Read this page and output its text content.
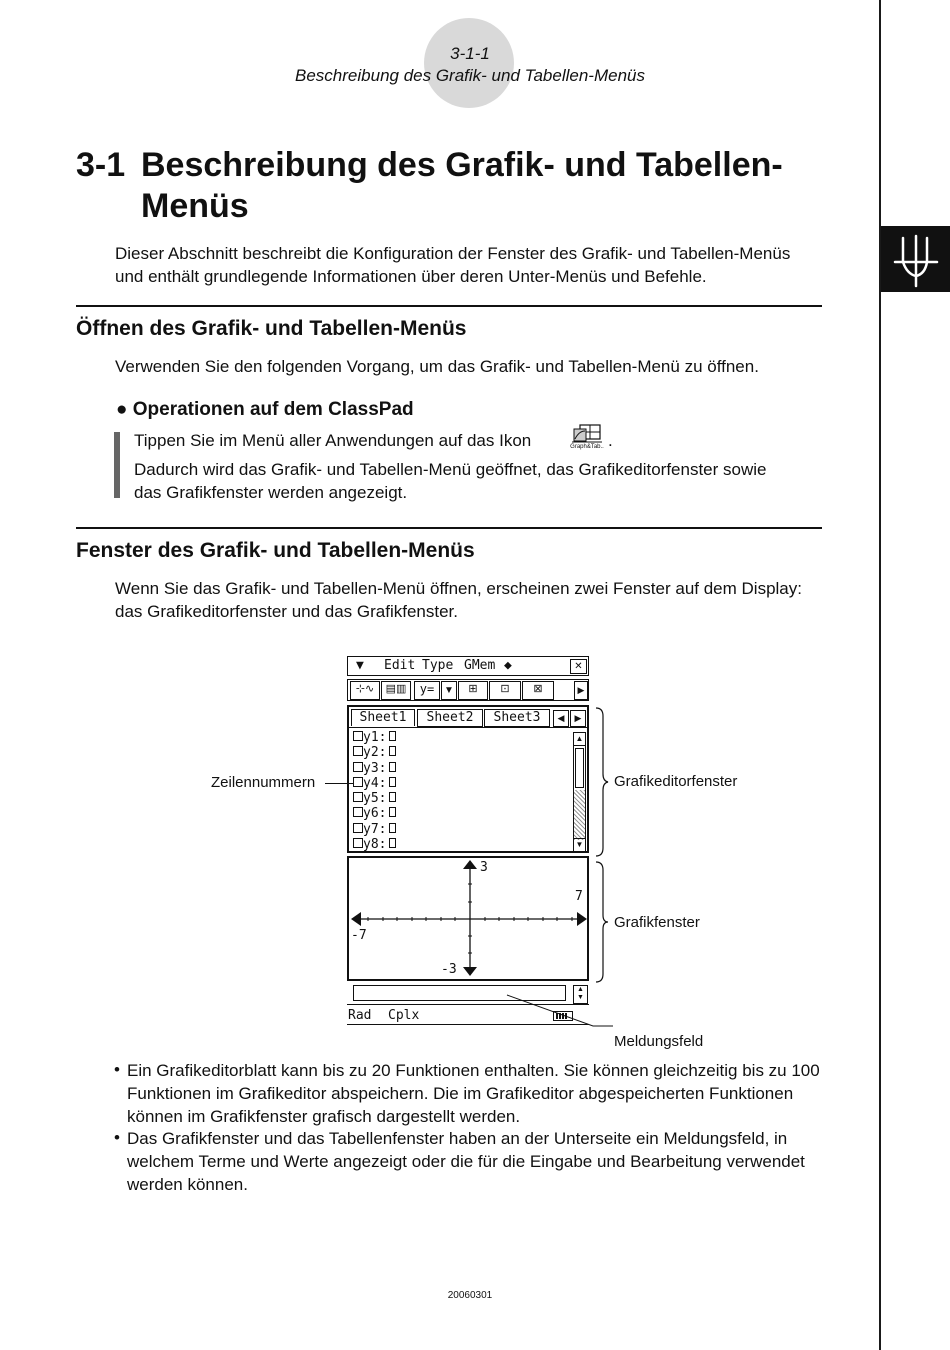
3-1-1
Beschreibung des Grafik- und Tabellen-Menüs
3-1 Beschreibung des Grafik- und Tabellen-
Menüs
Dieser Abschnitt beschreibt die Konfiguration der Fenster des Grafik- und Tabellen-Menüs
und enthält grundlegende Informationen über deren Unter-Menüs und Befehle.
Öffnen des Grafik- und Tabellen-Menüs
Verwenden Sie den folgenden Vorgang, um das Grafik- und Tabellen-Menü zu öffnen.
● Operationen auf dem ClassPad
Tippen Sie im Menü aller Anwendungen auf das Ikon	Graph&Tab.. .
Dadurch wird das Grafik- und Tabellen-Menü geöffnet, das Grafikeditorfenster sowie
das Grafikfenster werden angezeigt.
Fenster des Grafik- und Tabellen-Menüs
Wenn Sie das Grafik- und Tabellen-Menü öffnen, erscheinen zwei Fenster auf dem Display:
das Grafikeditorfenster und das Grafikfenster.
▼ Edit Type GMem ◆	✕
⊹∿	▤▥	y= ▼	⊞	⊡	⊠	▶
Sheet1	Sheet2	Sheet3	◀	▶
y1:
y2:
y3:
y4:
y5:
y6:
y7:
y8:
▲
▼
3
7
-7
-3
▲
▼
Rad Cplx
Zeilennummern	Grafikeditorfenster
Grafikfenster
Meldungsfeld
• Ein Grafikeditorblatt kann bis zu 20 Funktionen enthalten. Sie können gleichzeitig bis zu 100
Funktionen im Grafikeditor abspeichern. Die im Grafikeditor abgespeicherten Funktionen
können im Grafikfenster grafisch dargestellt werden.
• Das Grafikfenster und das Tabellenfenster haben an der Unterseite ein Meldungsfeld, in
welchem Terme und Werte angezeigt oder die für die Eingabe und Bearbeitung verwendet
werden können.
20060301
